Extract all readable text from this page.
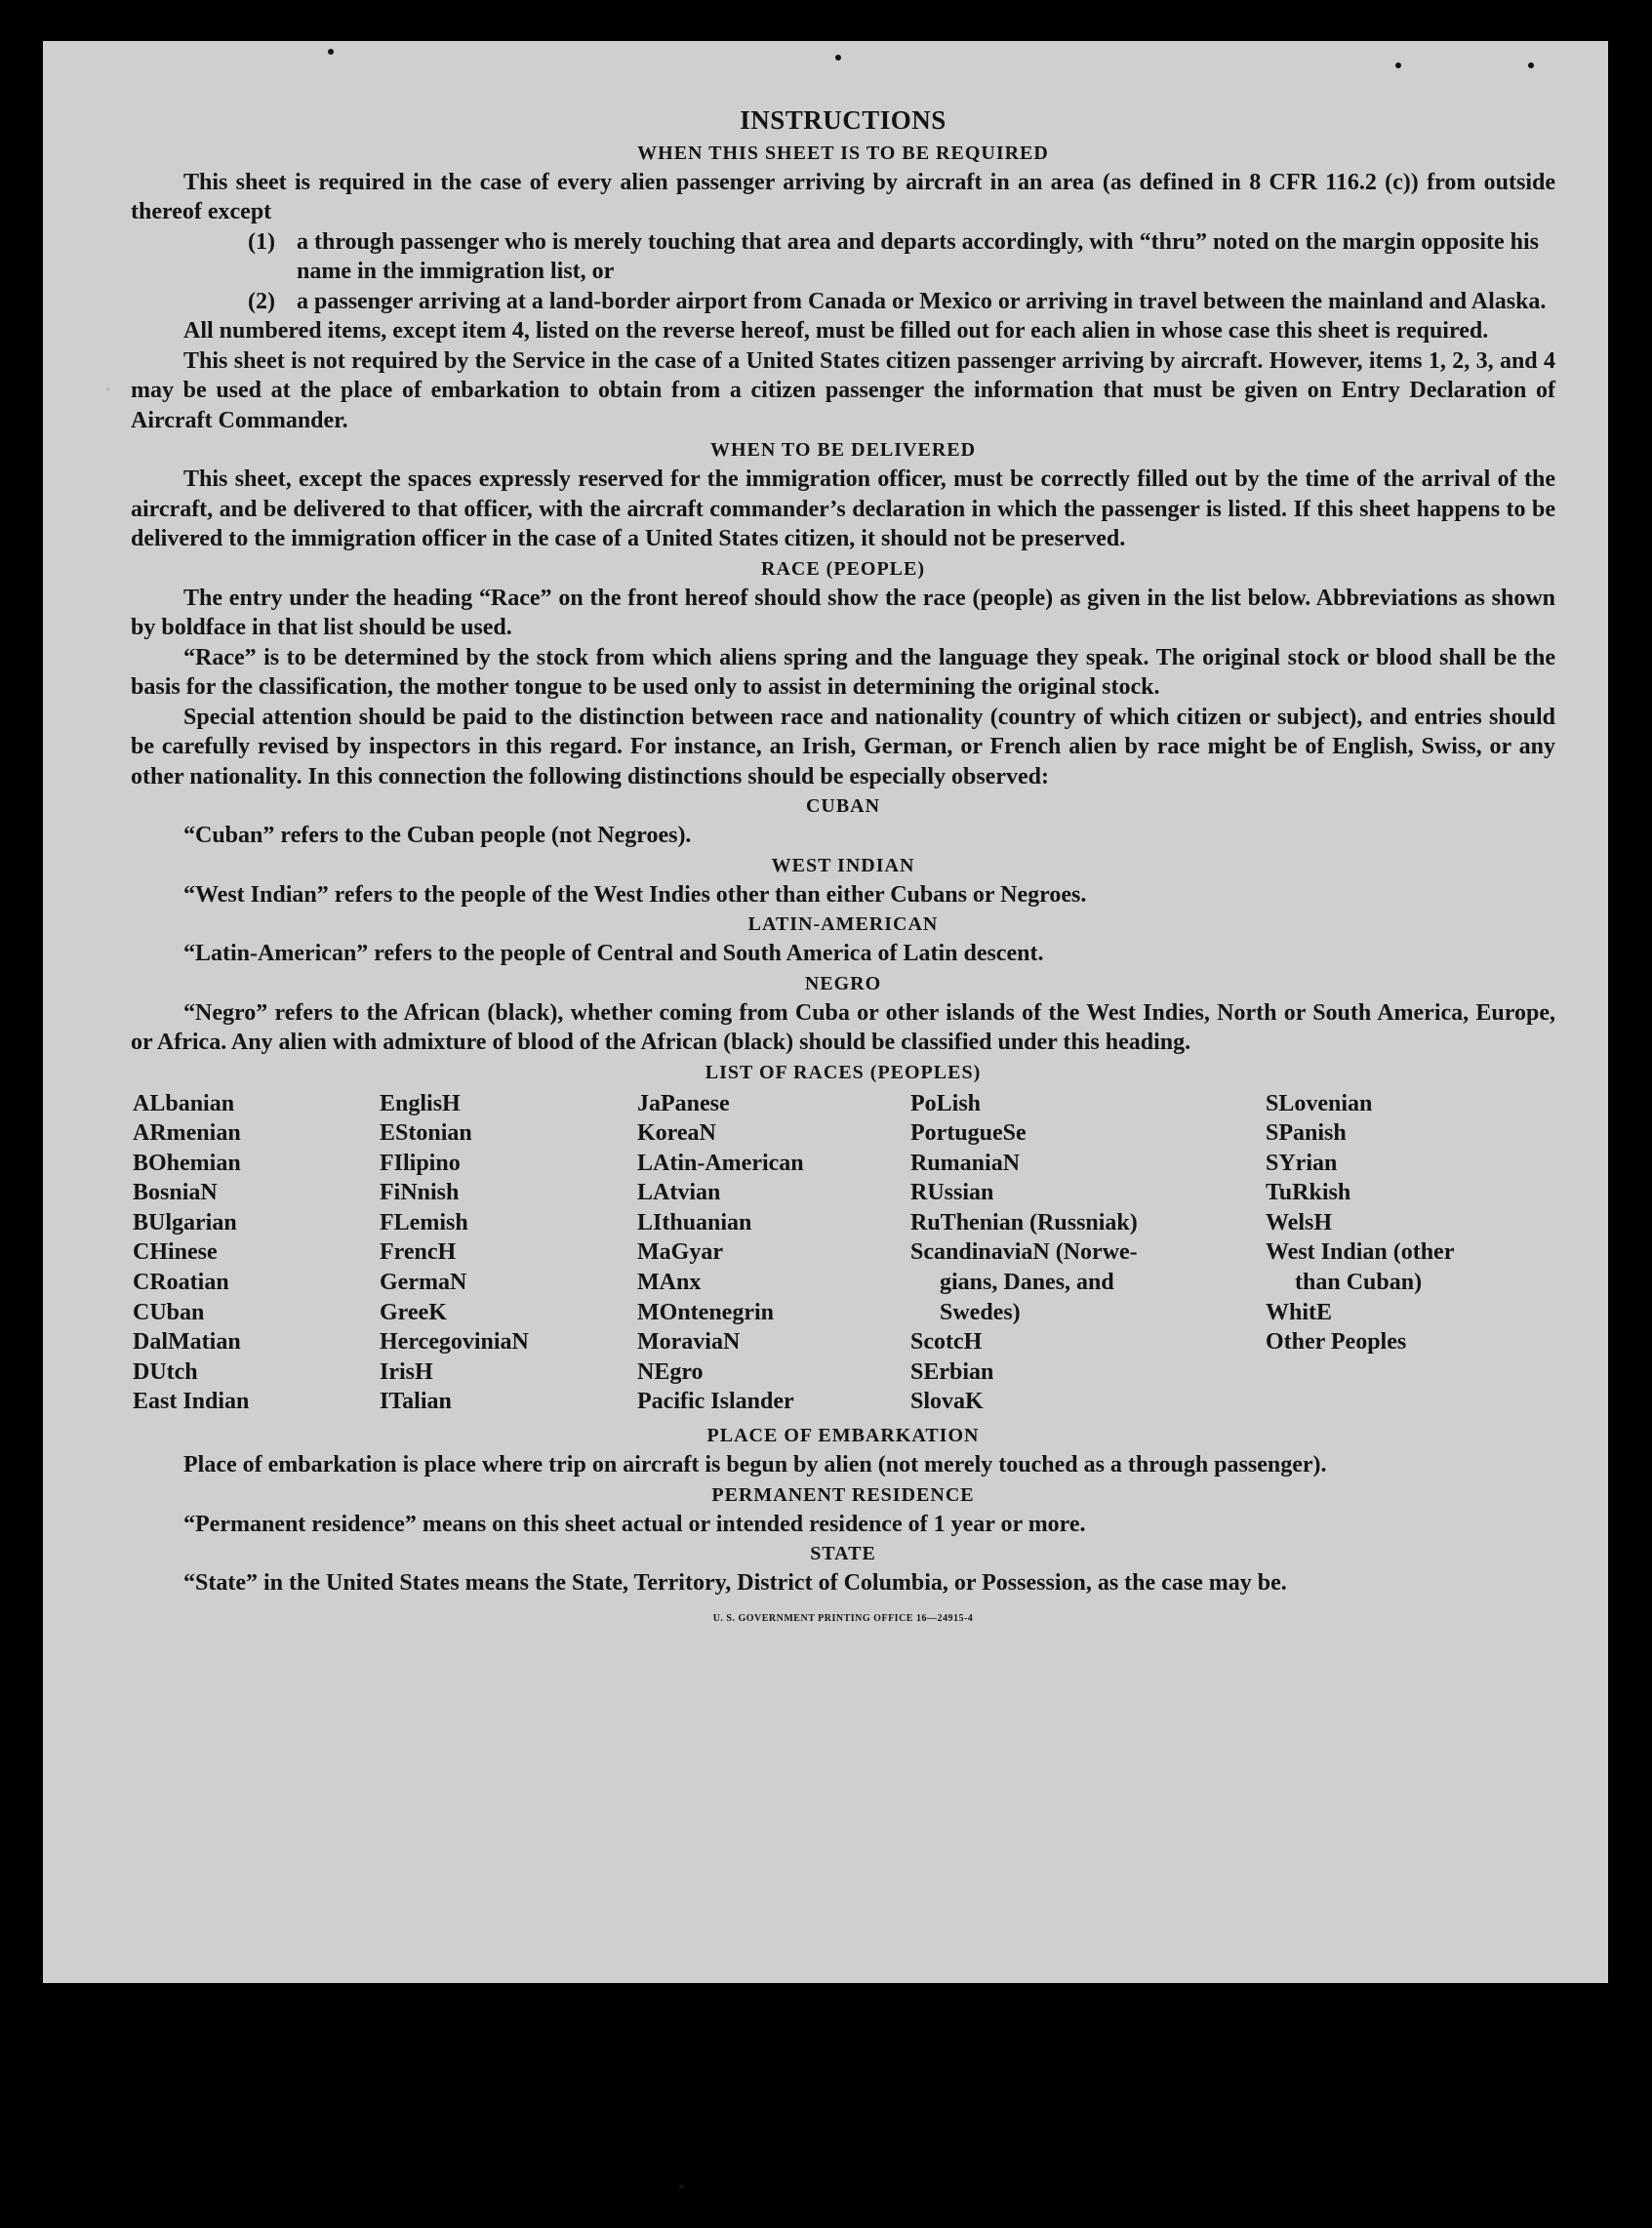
·
INSTRUCTIONS
WHEN THIS SHEET IS TO BE REQUIRED

This sheet is required in the case of every alien passenger arriving by aircraft in an area (as defined in 8 CFR 116.2 (c)) from outside thereof except

(1) a through passenger who is merely touching that area and departs accordingly, with “thru” noted on the margin opposite his name in the immigration list, or
(2) a passenger arriving at a land-border airport from Canada or Mexico or arriving in travel between the mainland and Alaska.

All numbered items, except item 4, listed on the reverse hereof, must be filled out for each alien in whose case this sheet is required.

This sheet is not required by the Service in the case of a United States citizen passenger arriving by aircraft. However, items 1, 2, 3, and 4 may be used at the place of embarkation to obtain from a citizen passenger the information that must be given on Entry Declaration of Aircraft Commander.

WHEN TO BE DELIVERED

This sheet, except the spaces expressly reserved for the immigration officer, must be correctly filled out by the time of the arrival of the aircraft, and be delivered to that officer, with the aircraft commander’s declaration in which the passenger is listed. If this sheet happens to be delivered to the immigration officer in the case of a United States citizen, it should not be preserved.

RACE (PEOPLE)

The entry under the heading “Race” on the front hereof should show the race (people) as given in the list below. Abbreviations as shown by boldface in that list should be used.

“Race” is to be determined by the stock from which aliens spring and the language they speak. The original stock or blood shall be the basis for the classification, the mother tongue to be used only to assist in determining the original stock.

Special attention should be paid to the distinction between race and nationality (country of which citizen or subject), and entries should be carefully revised by inspectors in this regard. For instance, an Irish, German, or French alien by race might be of English, Swiss, or any other nationality. In this connection the following distinctions should be especially observed:

CUBAN

“Cuban” refers to the Cuban people (not Negroes).

WEST INDIAN

“West Indian” refers to the people of the West Indies other than either Cubans or Negroes.

LATIN-AMERICAN

“Latin-American” refers to the people of Central and South America of Latin descent.

NEGRO

“Negro” refers to the African (black), whether coming from Cuba or other islands of the West Indies, North or South America, Europe, or Africa. Any alien with admixture of blood of the African (black) should be classified under this heading.

LIST OF RACES (PEOPLES)
ALbanian
ARmenian
BOhemian
BosniaN
BUlgarian
CHinese
CRoatian
CUban
DalMatian
DUtch
East Indian
EnglisH
EStonian
FIlipino
FiNnish
FLemish
FrencH
GermaN
GreeK
HercegoviniaN
IrisH
ITalian
JaPanese
KoreaN
LAtin-American
LAtvian
LIthuanian
MaGyar
MAnx
MOntenegrin
MoraviaN
NEgro
Pacific Islander
PoLish
PortugueSe
RumaniaN
RUssian
RuThenian (Russniak)
ScandinaviaN (Norwe-
gians, Danes, and
Swedes)
ScotcH
SErbian
SlovaK
SLovenian
SPanish
SYrian
TuRkish
WelsH
West Indian (other
than Cuban)
WhitE
Other Peoples
PLACE OF EMBARKATION

Place of embarkation is place where trip on aircraft is begun by alien (not merely touched as a through passenger).

PERMANENT RESIDENCE

“Permanent residence” means on this sheet actual or intended residence of 1 year or more.

STATE

“State” in the United States means the State, Territory, District of Columbia, or Possession, as the case may be.

U. S. GOVERNMENT PRINTING OFFICE 16—24915-4
